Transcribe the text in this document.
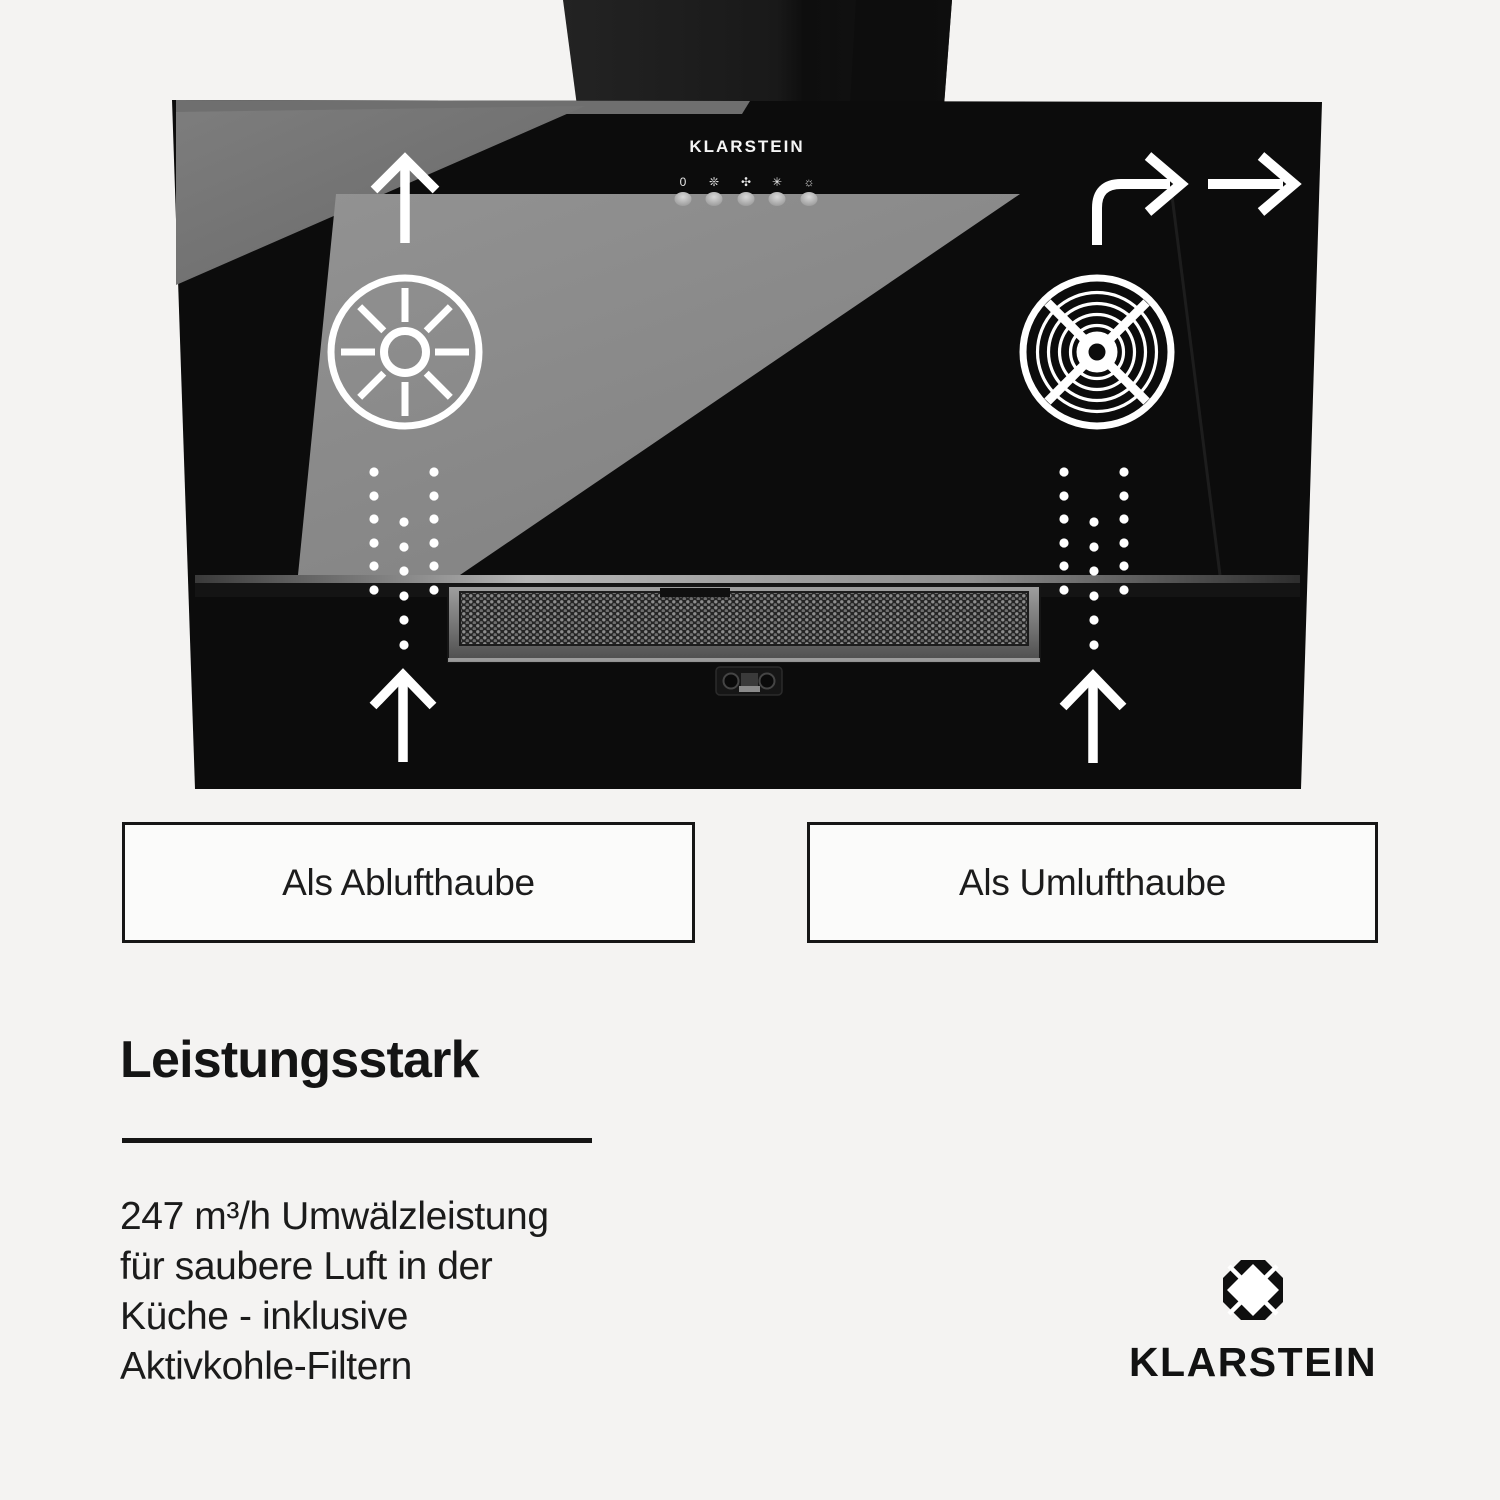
KLARSTEIN
0 ❊ ✣ ✳ ☼
Als Ablufthaube	Als Umlufthaube
Leistungsstark
247 m³/h Umwälzleistung
für saubere Luft in der
Küche - inklusive
Aktivkohle-Filtern	KLARSTEIN
